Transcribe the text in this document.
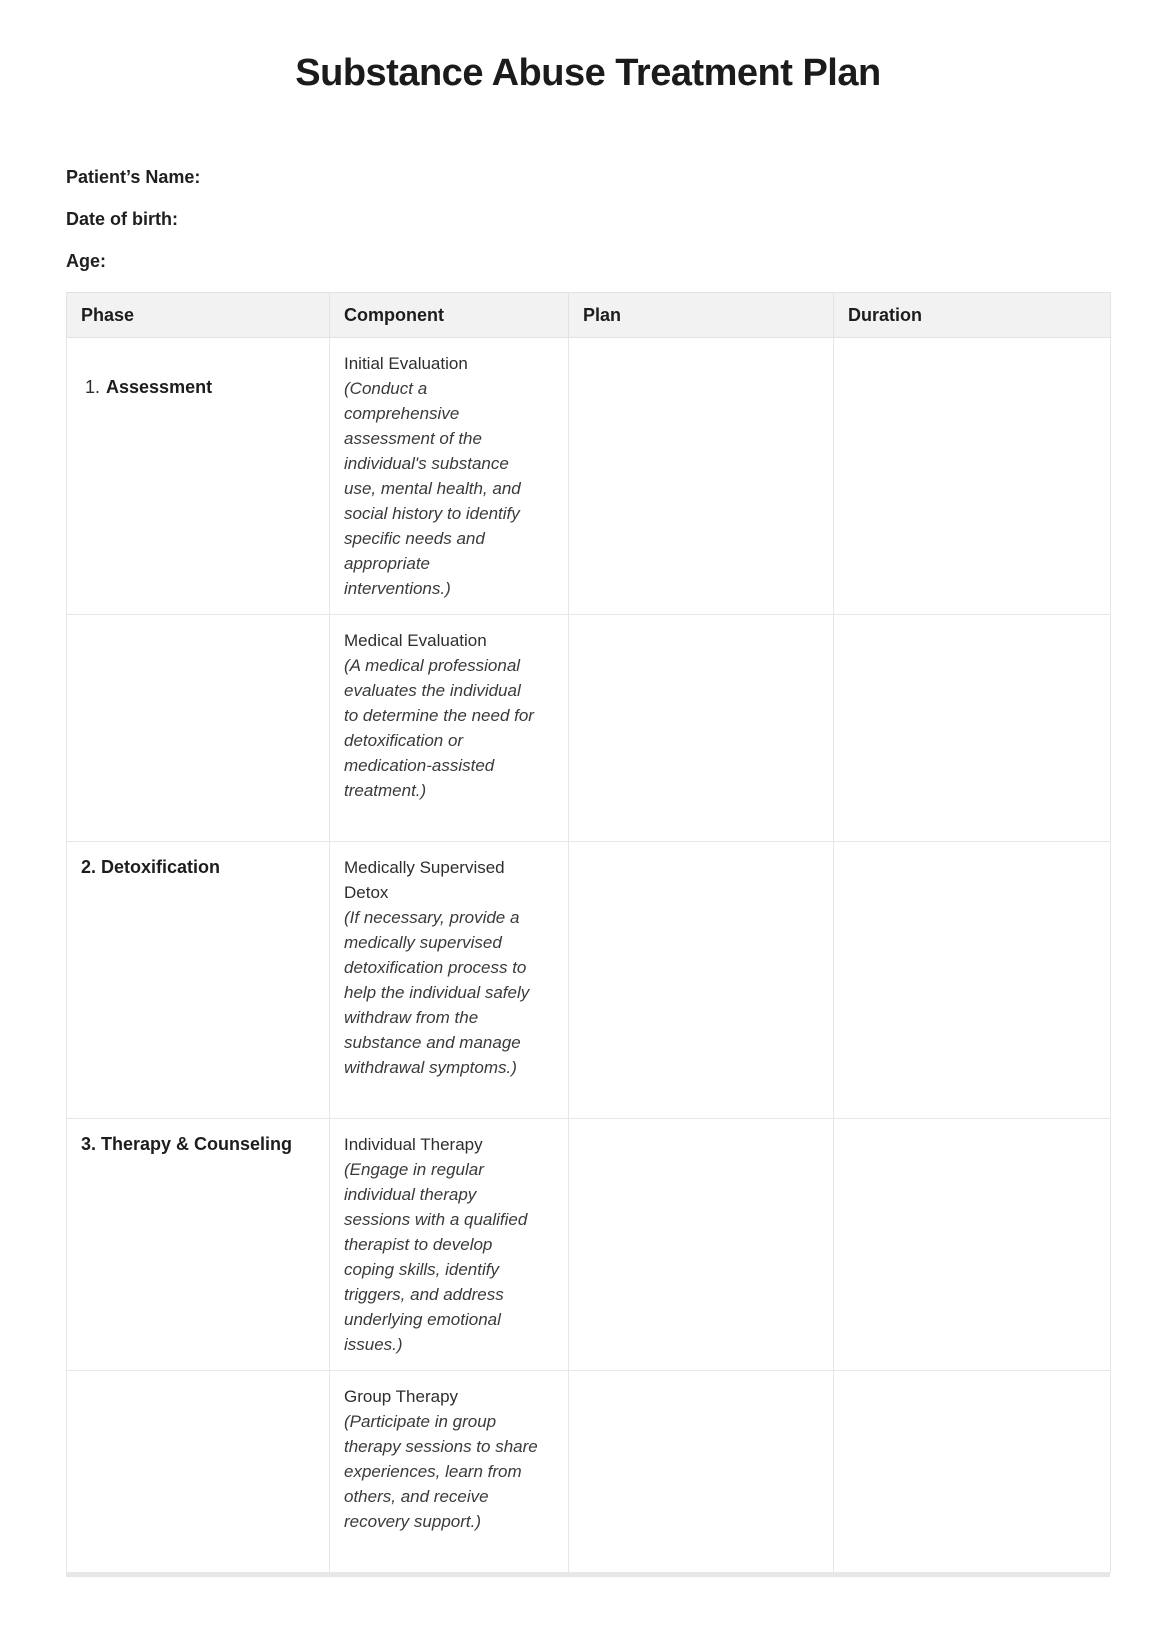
Substance Abuse Treatment Plan

Patient’s Name:

Date of birth:

Age:

Phase	Component	Plan	Duration

1. Assessment	Initial Evaluation
(Conduct a comprehensive assessment of the individual's substance use, mental health, and social history to identify specific needs and appropriate interventions.)		

	Medical Evaluation
(A medical professional evaluates the individual to determine the need for detoxification or medication-assisted treatment.)		

2. Detoxification	Medically Supervised Detox
(If necessary, provide a medically supervised detoxification process to help the individual safely withdraw from the substance and manage withdrawal symptoms.)		

3. Therapy & Counseling	Individual Therapy
(Engage in regular individual therapy sessions with a qualified therapist to develop coping skills, identify triggers, and address underlying emotional issues.)		

	Group Therapy
(Participate in group therapy sessions to share experiences, learn from others, and receive recovery support.)		
